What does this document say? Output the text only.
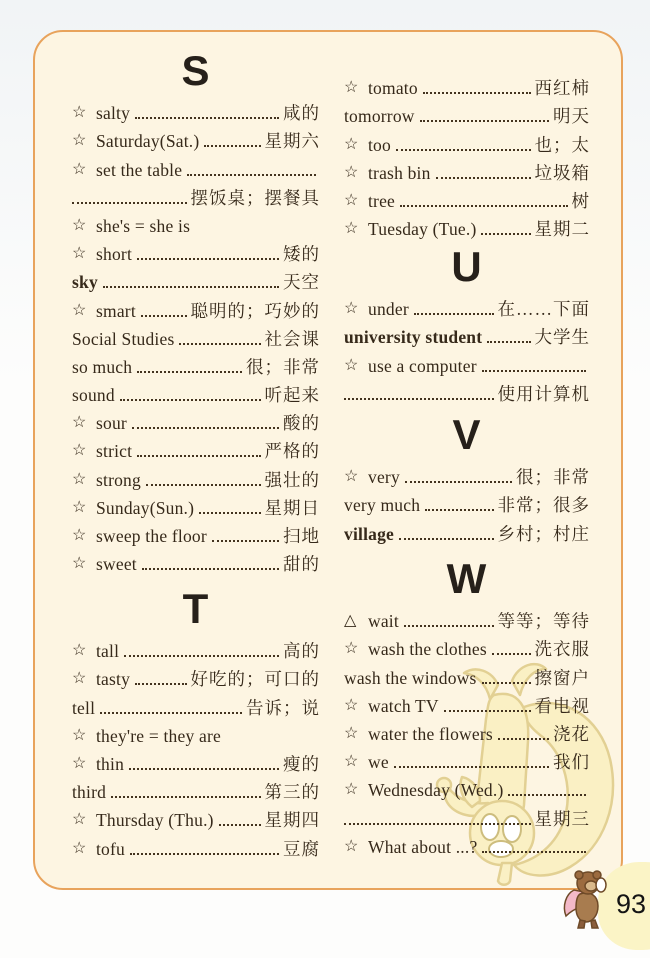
S
☆ salty	咸的
☆ Saturday(Sat.)	星期六
☆ set the table
摆饭桌；摆餐具
☆ she's = she is
☆ short	矮的
sky	天空
☆ smart	聪明的；巧妙的
Social Studies	社会课
so much	很；非常
sound	听起来
☆ sour	酸的
☆ strict	严格的
☆ strong	强壮的
☆ Sunday(Sun.)	星期日
☆ sweep the floor	扫地
☆ sweet	甜的
T
☆ tall	高的
☆ tasty	好吃的；可口的
tell	告诉；说
☆ they're = they are
☆ thin	瘦的
third	第三的
☆ Thursday (Thu.)	星期四
☆ tofu	豆腐
☆ tomato	西红柿
tomorrow	明天
☆ too	也；太
☆ trash bin	垃圾箱
☆ tree	树
☆ Tuesday (Tue.)	星期二
U
☆ under	在……下面
university student	大学生
☆ use a computer
使用计算机
V
☆ very	很；非常
very much	非常；很多
village	乡村；村庄
W
△ wait	等等；等待
☆ wash the clothes	洗衣服
wash the windows	擦窗户
☆ watch TV	看电视
☆ water the flowers	浇花
☆ we	我们
☆ Wednesday (Wed.)
星期三
☆ What about ...?
93
